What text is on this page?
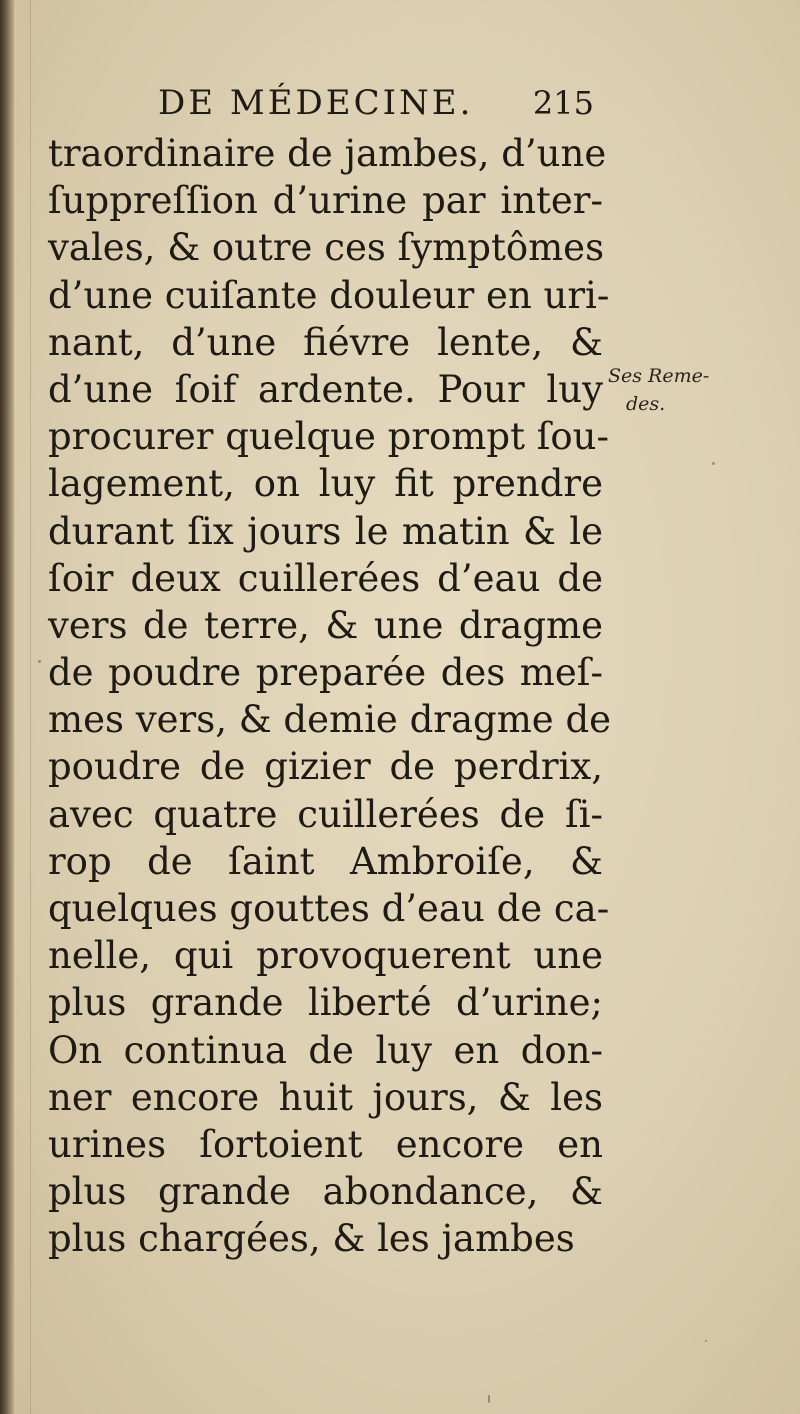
DE MÉDECINE. 215
traordinaire de jambes, d’une
ſuppreſſion d’urine par inter-
vales, & outre ces ſymptômes
d’une cuiſante douleur en uri-
nant, d’une fiévre lente, &
d’une ſoif ardente. Pour luy
procurer quelque prompt ſou-
lagement, on luy fit prendre
durant ſix jours le matin & le
ſoir deux cuillerées d’eau de
vers de terre, & une dragme
de poudre preparée des meſ-
mes vers, & demie dragme de
poudre de gizier de perdrix,
avec quatre cuillerées de ſi-
rop de ſaint Ambroiſe, &
quelques gouttes d’eau de ca-
nelle, qui provoquerent une
plus grande liberté d’urine;
On continua de luy en don-
ner encore huit jours, & les
urines ſortoient encore en
plus grande abondance, &
plus chargées, & les jambes
Ses Reme-
des.
